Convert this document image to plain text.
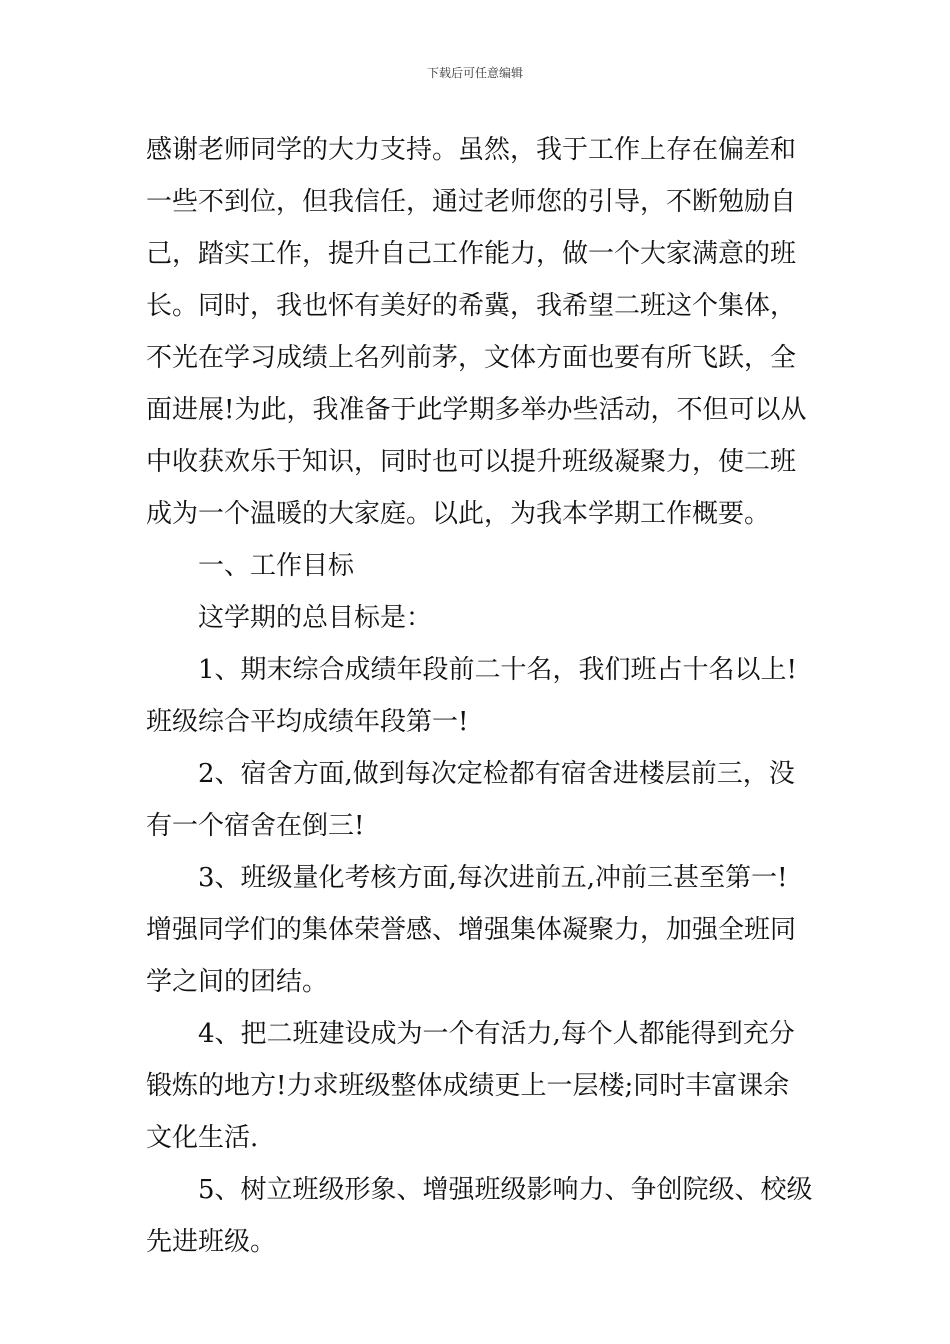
下载后可任意编辑
感谢老师同学的大力支持。虽然，我于工作上存在偏差和
一些不到位，但我信任，通过老师您的引导，不断勉励自
己，踏实工作，提升自己工作能力，做一个大家满意的班
长。同时，我也怀有美好的希冀，我希望二班这个集体，
不光在学习成绩上名列前茅，文体方面也要有所飞跃，全
面进展!为此，我准备于此学期多举办些活动，不但可以从
中收获欢乐于知识，同时也可以提升班级凝聚力，使二班
成为一个温暖的大家庭。以此，为我本学期工作概要。
一、工作目标
这学期的总目标是：
1、期末综合成绩年段前二十名，我们班占十名以上!
班级综合平均成绩年段第一!
2、宿舍方面,做到每次定检都有宿舍进楼层前三，没
有一个宿舍在倒三!
3、班级量化考核方面,每次进前五,冲前三甚至第一!
增强同学们的集体荣誉感、增强集体凝聚力，加强全班同
学之间的团结。
4、把二班建设成为一个有活力,每个人都能得到充分
锻炼的地方!力求班级整体成绩更上一层楼;同时丰富课余
文化生活.
5、树立班级形象、增强班级影响力、争创院级、校级
先进班级。
